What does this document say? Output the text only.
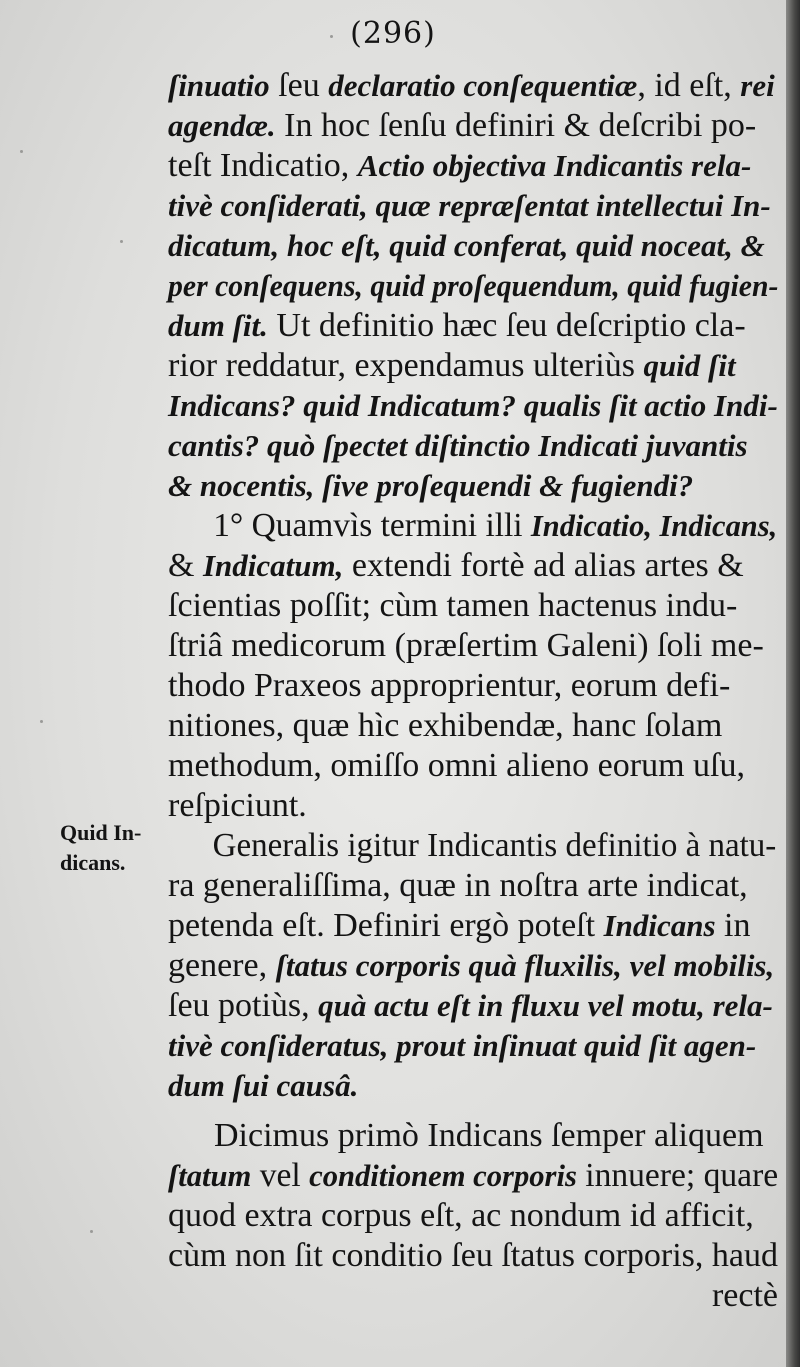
(296)
Quid In-
dicans.
ſinuatio ſeu declaratio conſequentiæ, id eſt, rei
agendæ. In hoc ſenſu definiri & deſcribi po-
teſt Indicatio, Actio objectiva Indicantis rela-
tivè conſiderati, quæ repræſentat intellectui In-
dicatum, hoc eſt, quid conferat, quid noceat, &
per conſequens, quid proſequendum, quid fugien-
dum ſit. Ut definitio hæc ſeu deſcriptio cla-
rior reddatur, expendamus ulteriùs quid ſit
Indicans? quid Indicatum? qualis ſit actio Indi-
cantis? quò ſpectet diſtinctio Indicati juvantis
& nocentis, ſive proſequendi & fugiendi?
1° Quamvìs termini illi Indicatio, Indicans,
& Indicatum, extendi fortè ad alias artes &
ſcientias poſſit; cùm tamen hactenus indu-
ſtriâ medicorum (præſertim Galeni) ſoli me-
thodo Praxeos approprientur, eorum defi-
nitiones, quæ hìc exhibendæ, hanc ſolam
methodum, omiſſo omni alieno eorum uſu,
reſpiciunt.
Generalis igitur Indicantis definitio à natu-
ra generaliſſima, quæ in noſtra arte indicat,
petenda eſt. Definiri ergò poteſt Indicans in
genere, ſtatus corporis quà fluxilis, vel mobilis,
ſeu potiùs, quà actu eſt in fluxu vel motu, rela-
tivè conſideratus, prout inſinuat quid ſit agen-
dum ſui causâ.
Dicimus primò Indicans ſemper aliquem
ſtatum vel conditionem corporis innuere; quare
quod extra corpus eſt, ac nondum id afficit,
cùm non ſit conditio ſeu ſtatus corporis, haud
rectè
